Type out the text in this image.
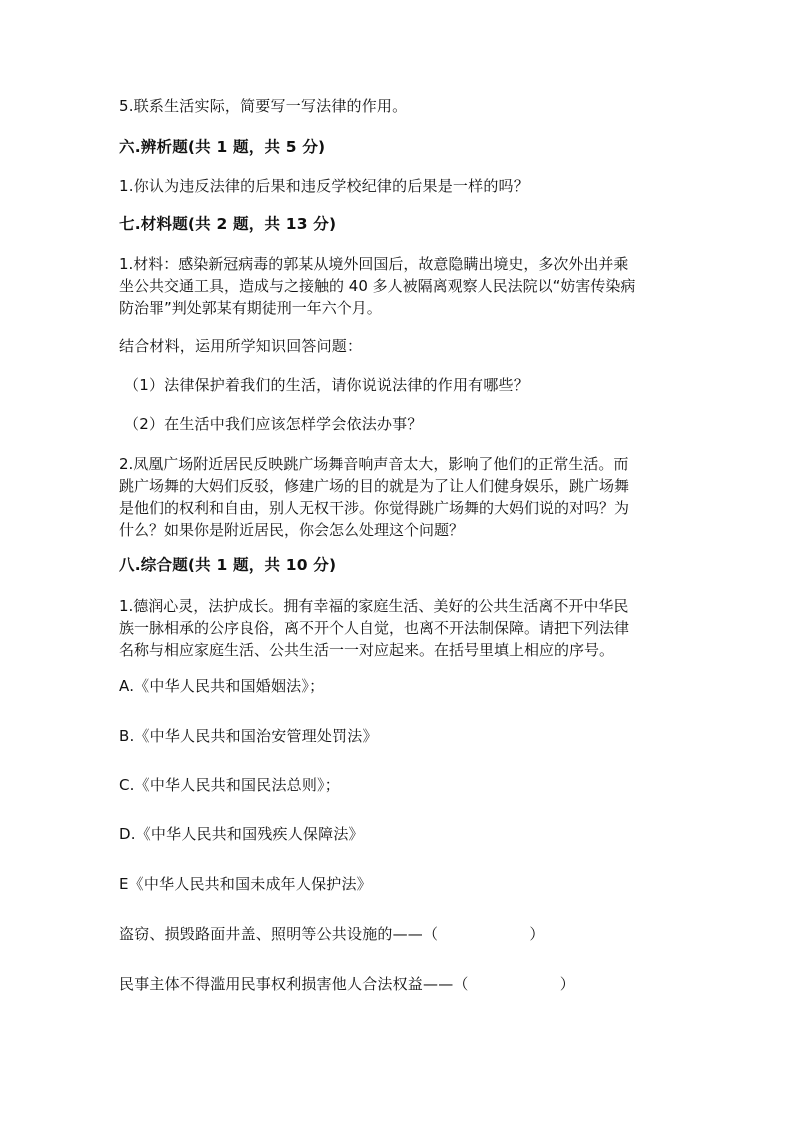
5.联系生活实际，简要写一写法律的作用。
六.辨析题(共 1 题，共 5 分)
1.你认为违反法律的后果和违反学校纪律的后果是一样的吗？
七.材料题(共 2 题，共 13 分)
1.材料：感染新冠病毒的郭某从境外回国后，故意隐瞒出境史，多次外出并乘
坐公共交通工具，造成与之接触的 40 多人被隔离观察人民法院以“妨害传染病
防治罪”判处郭某有期徒刑一年六个月。
结合材料，运用所学知识回答问题：
（1）法律保护着我们的生活，请你说说法律的作用有哪些？
（2）在生活中我们应该怎样学会依法办事？
2.凤凰广场附近居民反映跳广场舞音响声音太大，影响了他们的正常生活。而
跳广场舞的大妈们反驳，修建广场的目的就是为了让人们健身娱乐，跳广场舞
是他们的权利和自由，别人无权干涉。你觉得跳广场舞的大妈们说的对吗？为
什么？如果你是附近居民，你会怎么处理这个问题？
八.综合题(共 1 题，共 10 分)
1.德润心灵，法护成长。拥有幸福的家庭生活、美好的公共生活离不开中华民
族一脉相承的公序良俗，离不开个人自觉，也离不开法制保障。请把下列法律
名称与相应家庭生活、公共生活一一对应起来。在括号里填上相应的序号。
A.《中华人民共和国婚姻法》；
B.《中华人民共和国治安管理处罚法》
C.《中华人民共和国民法总则》；
D.《中华人民共和国残疾人保障法》
E《中华人民共和国未成年人保护法》
盗窃、损毁路面井盖、照明等公共设施的——（　　　　　　）
民事主体不得滥用民事权利损害他人合法权益——（　　　　　　）
